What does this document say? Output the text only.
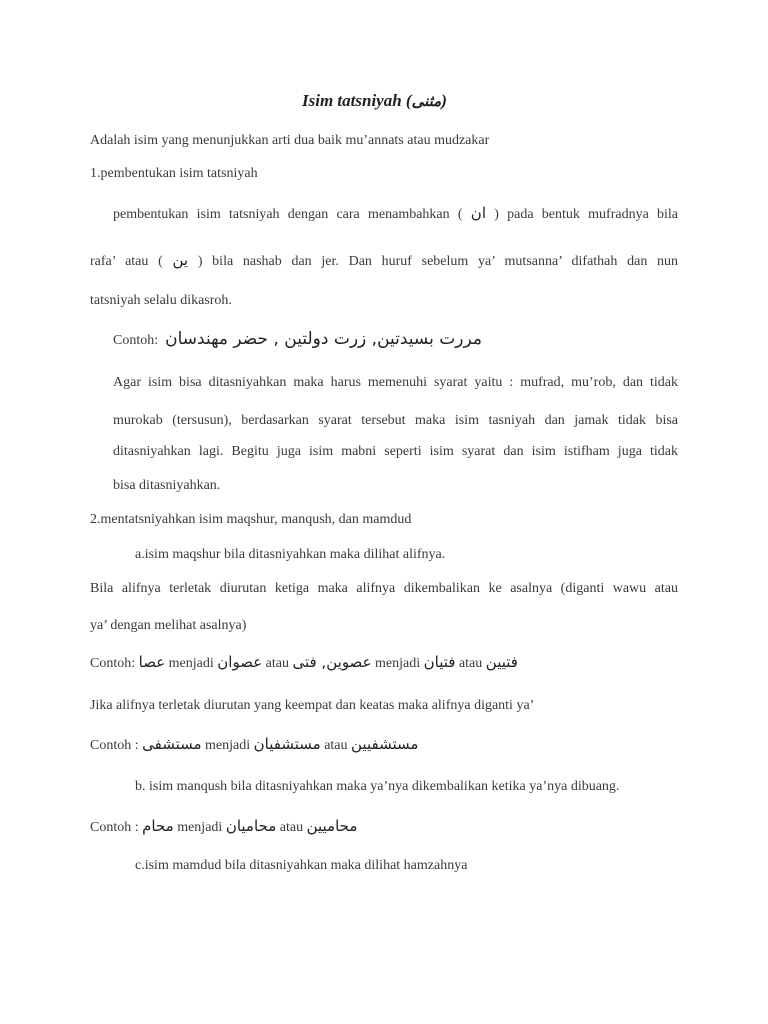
Isim tatsniyah (مثنى)
Adalah isim yang menunjukkan arti dua baik mu’annats atau mudzakar
1.pembentukan isim tatsniyah
pembentukan isim tatsniyah dengan cara menambahkan ( ان ) pada bentuk mufradnya bila
rafa’ atau ( ين ) bila nashab dan jer. Dan huruf sebelum ya’ mutsanna’ difathah dan nun
tatsniyah selalu dikasroh.
Contoh: مررت بسيدتين, زرت دولتين , حضر مهندسان
Agar isim bisa ditasniyahkan maka harus memenuhi syarat yaitu : mufrad, mu’rob, dan tidak
murokab (tersusun), berdasarkan syarat tersebut maka isim tasniyah dan jamak tidak bisa
ditasniyahkan lagi. Begitu juga isim mabni seperti isim syarat dan isim istifham juga tidak
bisa ditasniyahkan.
2.mentatsniyahkan isim maqshur, manqush, dan mamdud
a.isim maqshur bila ditasniyahkan maka dilihat alifnya.
Bila alifnya terletak diurutan ketiga maka alifnya dikembalikan ke asalnya (diganti wawu atau
ya’ dengan melihat asalnya)
Contoh: عصا menjadi عصوان atau عصوين, فتى menjadi فتيان atau فتيين
Jika alifnya terletak diurutan yang keempat dan keatas maka alifnya diganti ya’
Contoh : مستشفى menjadi مستشفيان atau مستشفيين
b. isim manqush bila ditasniyahkan maka ya’nya dikembalikan ketika ya’nya dibuang.
Contoh : محام menjadi محاميان atau محاميين
c.isim mamdud bila ditasniyahkan maka dilihat hamzahnya
